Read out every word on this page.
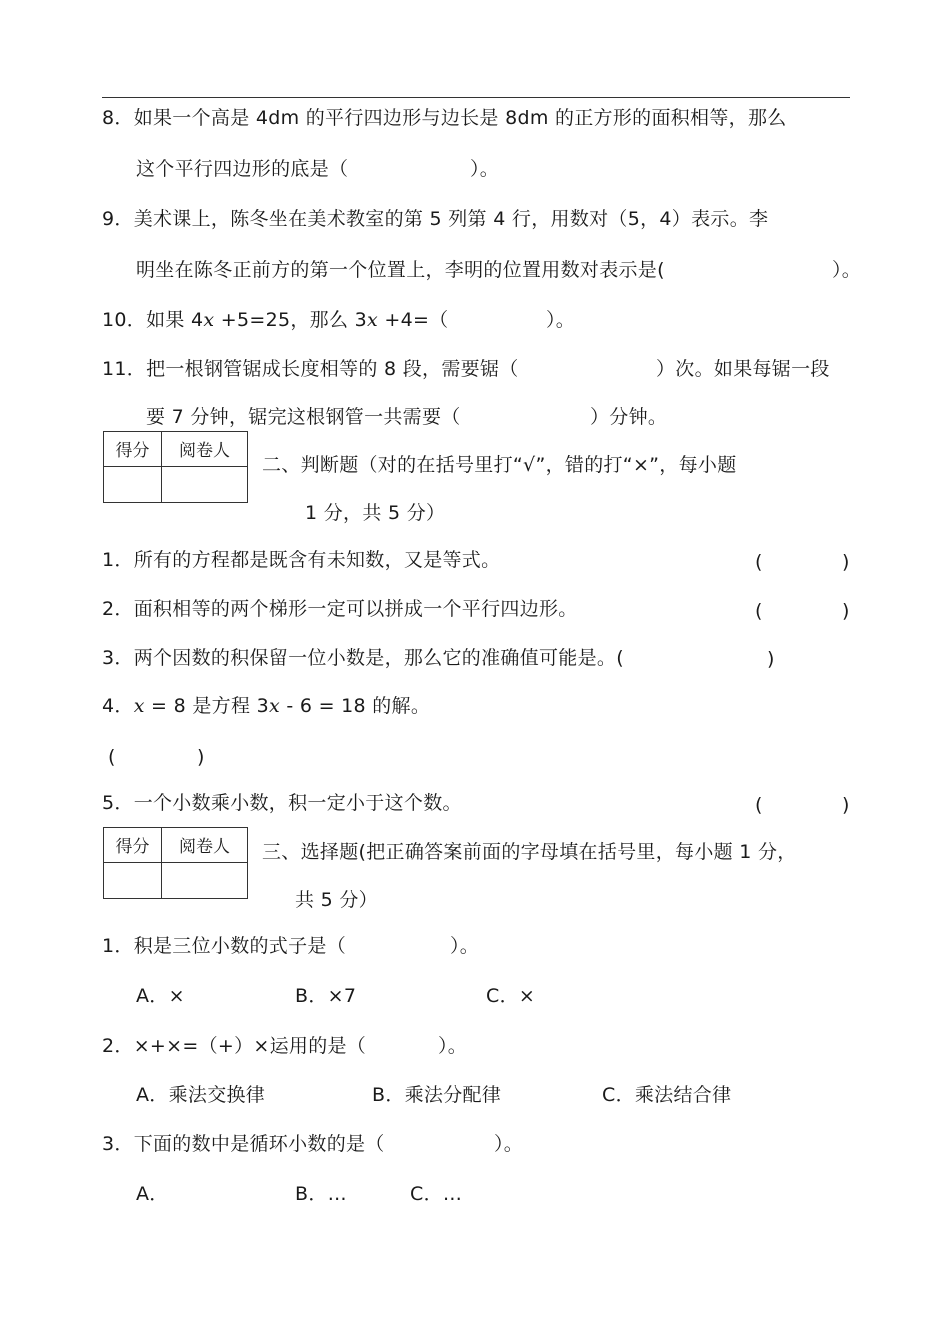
8．如果一个高是 4dm 的平行四边形与边长是 8dm 的正方形的面积相等，那么
这个平行四边形的底是（	）。
9．美术课上，陈冬坐在美术教室的第 5 列第 4 行，用数对（5，4）表示。李
明坐在陈冬正前方的第一个位置上，李明的位置用数对表示是(	）。
10．如果 4x +5=25，那么 3x +4=（	）。
11．把一根钢管锯成长度相等的 8 段，需要锯（	）次。如果每锯一段
要 7 分钟，锯完这根钢管一共需要（	）分钟。
得分	阅卷人

二、判断题（对的在括号里打“√”，错的打“×”，每小题
1 分，共 5 分）
1．所有的方程都是既含有未知数，又是等式。	(	)
2．面积相等的两个梯形一定可以拼成一个平行四边形。	(	)
3．两个因数的积保留一位小数是，那么它的准确值可能是。(	)
4．x = 8 是方程 3x - 6 = 18 的解。
(	)
5．一个小数乘小数，积一定小于这个数。	(	)
得分	阅卷人
	三、选择题(把正确答案前面的字母填在括号里，每小题 1 分，
共 5 分）
1．积是三位小数的式子是（	）。
A．×	B．×7	C．×
2．×+×=（+）×运用的是（	）。
A．乘法交换律	B．乘法分配律	C．乘法结合律
3．下面的数中是循环小数的是（	）。
A．	B．…	C．…
